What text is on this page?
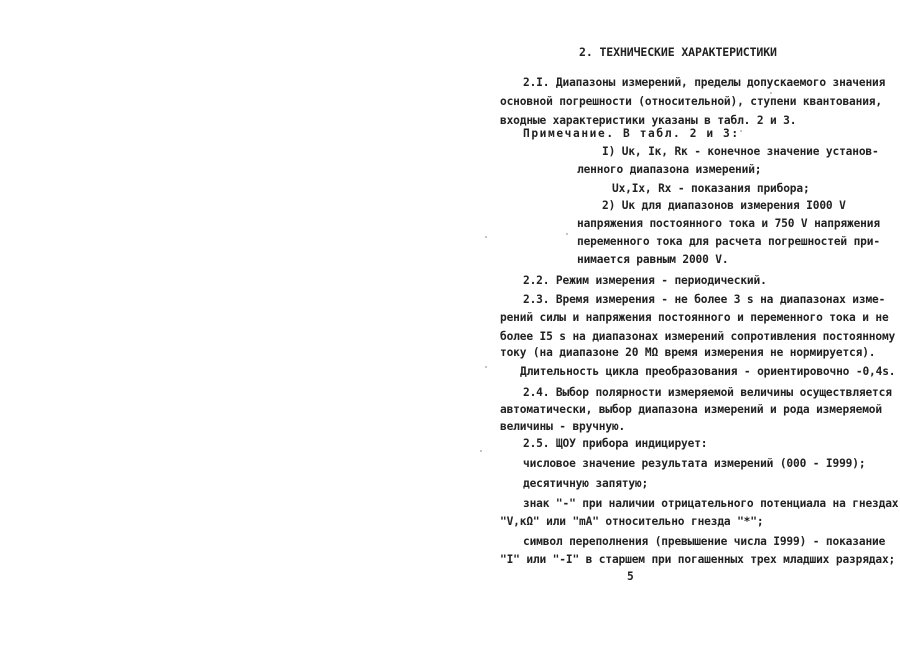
2. ТЕХНИЧЕСКИЕ ХАРАКТЕРИСТИКИ
2.I. Диапазоны измерений, пределы допускаемого значения
основной погрешности (относительной), ступени квантования,
входные характеристики указаны в табл. 2 и 3.
Примечание. В табл. 2 и 3:
I) Uк, Iк, Rк - конечное значение установ-
ленного диапазона измерений;
Ux,Ix, Rx - показания прибора;
2) Uк для диапазонов измерения I000 V
напряжения постоянного тока и 750 V напряжения
переменного тока для расчета погрешностей при-
нимается равным 2000 V.
2.2. Режим измерения - периодический.
2.3. Время измерения - не более 3 s на диапазонах изме-
рений силы и напряжения постоянного и переменного тока и не
более I5 s на диапазонах измерений сопротивления постоянному
току (на диапазоне 20 МΩ время измерения не нормируется).
Длительность цикла преобразования - ориентировочно -0,4s.
2.4. Выбор полярности измеряемой величины осуществляется
автоматически, выбор диапазона измерений и рода измеряемой
величины - вручную.
2.5. ЩОУ прибора индицирует:
числовое значение результата измерений (000 - I999);
десятичную запятую;
знак "-" при наличии отрицательного потенциала на гнездах
"V,кΩ" или "mA" относительно гнезда "*";
символ переполнения (превышение числа I999) - показание
"I" или "-I" в старшем при погашенных трех младших разрядах;
5
